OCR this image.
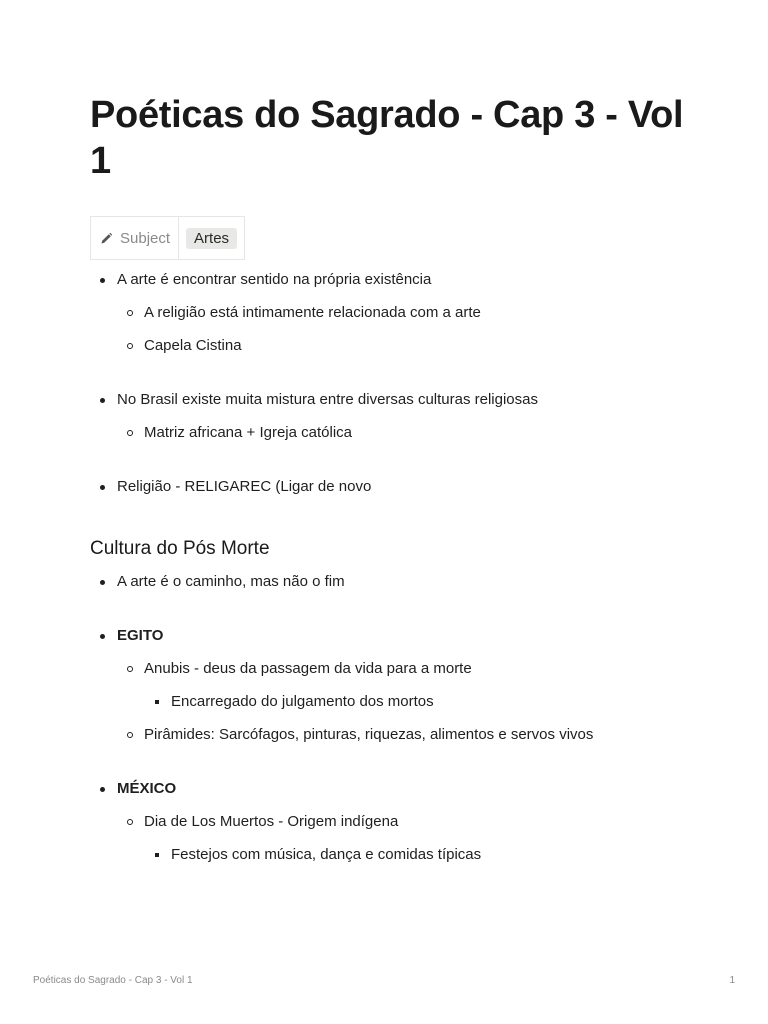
Poéticas do Sagrado - Cap 3 - Vol 1
Subject	Artes
A arte é encontrar sentido na própria existência
A religião está intimamente relacionada com a arte
Capela Cistina
No Brasil existe muita mistura entre diversas culturas religiosas
Matriz africana + Igreja católica
Religião - RELIGAREC (Ligar de novo
Cultura do Pós Morte
A arte é o caminho, mas não o fim
EGITO
Anubis - deus da passagem da vida para a morte
Encarregado do julgamento dos mortos
Pirâmides: Sarcófagos, pinturas, riquezas, alimentos e servos vivos
MÉXICO
Dia de Los Muertos - Origem indígena
Festejos com música, dança e comidas típicas
Poéticas do Sagrado - Cap 3 - Vol 1	1
